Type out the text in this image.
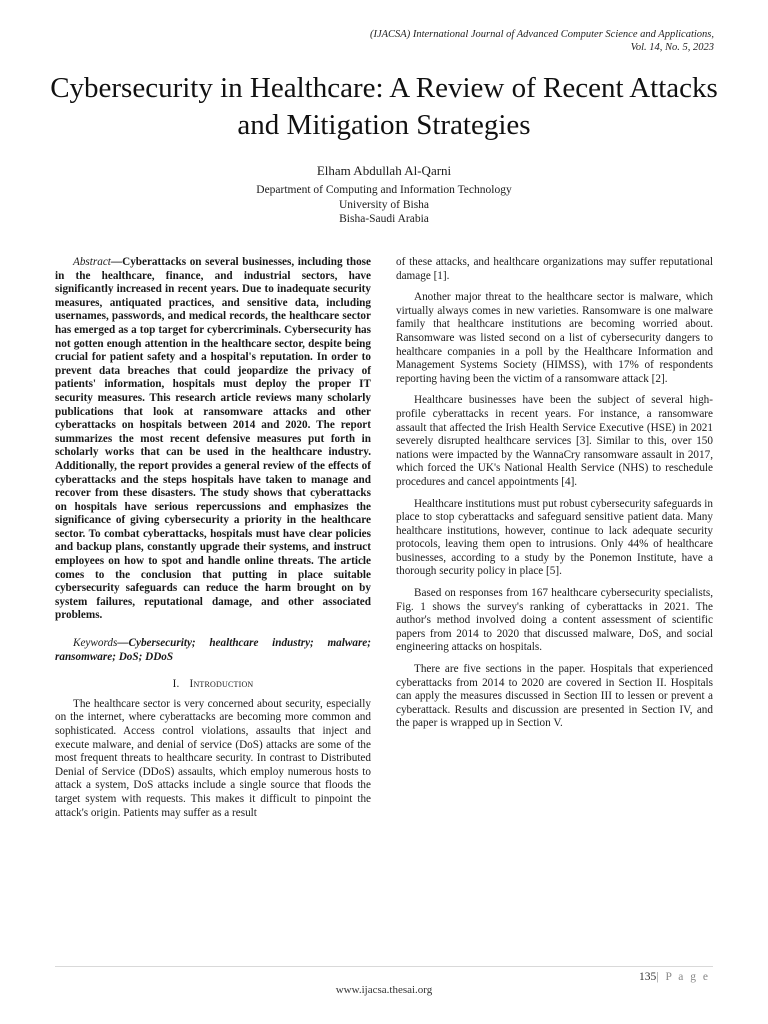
(IJACSA) International Journal of Advanced Computer Science and Applications,
Vol. 14, No. 5, 2023
Cybersecurity in Healthcare: A Review of Recent Attacks and Mitigation Strategies
Elham Abdullah Al-Qarni
Department of Computing and Information Technology
University of Bisha
Bisha-Saudi Arabia

Abstract—Cyberattacks on several businesses, including those in the healthcare, finance, and industrial sectors, have significantly increased in recent years. Due to inadequate security measures, antiquated practices, and sensitive data, including usernames, passwords, and medical records, the healthcare sector has emerged as a top target for cybercriminals. Cybersecurity has not gotten enough attention in the healthcare sector, despite being crucial for patient safety and a hospital's reputation. In order to prevent data breaches that could jeopardize the privacy of patients' information, hospitals must deploy the proper IT security measures. This research article reviews many scholarly publications that look at ransomware attacks and other cyberattacks on hospitals between 2014 and 2020. The report summarizes the most recent defensive measures put forth in scholarly works that can be used in the healthcare industry. Additionally, the report provides a general review of the effects of cyberattacks and the steps hospitals have taken to manage and recover from these disasters. The study shows that cyberattacks on hospitals have serious repercussions and emphasizes the significance of giving cybersecurity a priority in the healthcare sector. To combat cyberattacks, hospitals must have clear policies and backup plans, constantly upgrade their systems, and instruct employees on how to spot and handle online threats. The article comes to the conclusion that putting in place suitable cybersecurity safeguards can reduce the harm brought on by system failures, reputational damage, and other associated problems.

Keywords—Cybersecurity; healthcare industry; malware; ransomware; DoS; DDoS

I. Introduction

The healthcare sector is very concerned about security, especially on the internet, where cyberattacks are becoming more common and sophisticated. Access control violations, assaults that inject and execute malware, and denial of service (DoS) attacks are some of the most frequent threats to healthcare security. In contrast to Distributed Denial of Service (DDoS) assaults, which employ numerous hosts to attack a system, DoS attacks include a single source that floods the target system with requests. This makes it difficult to pinpoint the attack's origin. Patients may suffer as a result

of these attacks, and healthcare organizations may suffer reputational damage [1].

Another major threat to the healthcare sector is malware, which virtually always comes in new varieties. Ransomware is one malware family that healthcare institutions are becoming worried about. Ransomware was listed second on a list of cybersecurity dangers to healthcare companies in a poll by the Healthcare Information and Management Systems Society (HIMSS), with 17% of respondents reporting having been the victim of a ransomware attack [2].

Healthcare businesses have been the subject of several high-profile cyberattacks in recent years. For instance, a ransomware assault that affected the Irish Health Service Executive (HSE) in 2021 severely disrupted healthcare services [3]. Similar to this, over 150 nations were impacted by the WannaCry ransomware assault in 2017, which forced the UK's National Health Service (NHS) to reschedule procedures and cancel appointments [4].

Healthcare institutions must put robust cybersecurity safeguards in place to stop cyberattacks and safeguard sensitive patient data. Many healthcare institutions, however, continue to lack adequate security protocols, leaving them open to intrusions. Only 44% of healthcare businesses, according to a study by the Ponemon Institute, have a thorough security policy in place [5].

Based on responses from 167 healthcare cybersecurity specialists, Fig. 1 shows the survey's ranking of cyberattacks in 2021. The author's method involved doing a content assessment of scientific papers from 2014 to 2020 that discussed malware, DoS, and social engineering attacks on hospitals.

There are five sections in the paper. Hospitals that experienced cyberattacks from 2014 to 2020 are covered in Section II. Hospitals can apply the measures discussed in Section III to lessen or prevent a cyberattack. Results and discussion are presented in Section IV, and the paper is wrapped up in Section V.

135| P a g e
www.ijacsa.thesai.org
